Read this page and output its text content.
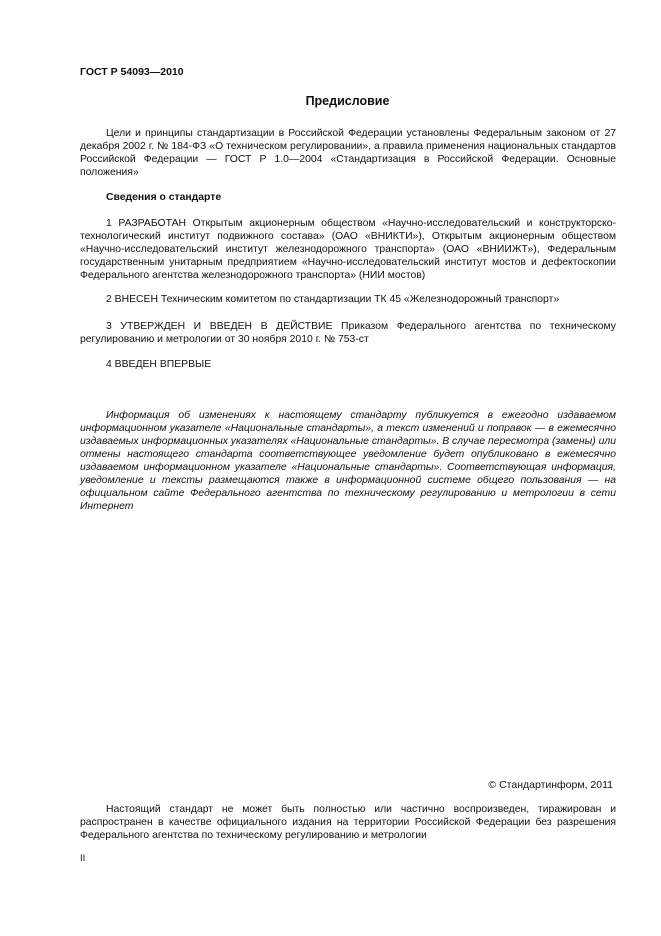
ГОСТ Р 54093—2010
Предисловие

Цели и принципы стандартизации в Российской Федерации установлены Федеральным законом от 27 декабря 2002 г. № 184-ФЗ «О техническом регулировании», а правила применения национальных стандартов Российской Федерации — ГОСТ Р 1.0—2004 «Стандартизация в Российской Федерации. Основные положения»

Сведения о стандарте

1 РАЗРАБОТАН Открытым акционерным обществом «Научно-исследовательский и конструкторско-технологический институт подвижного состава» (ОАО «ВНИКТИ»), Открытым акционерным обществом «Научно-исследовательский институт железнодорожного транспорта» (ОАО «ВНИИЖТ»), Федеральным государственным унитарным предприятием «Научно-исследовательский институт мостов и дефектоскопии Федерального агентства железнодорожного транспорта» (НИИ мостов)

2 ВНЕСЕН Техническим комитетом по стандартизации ТК 45 «Железнодорожный транспорт»

3 УТВЕРЖДЕН И ВВЕДЕН В ДЕЙСТВИЕ Приказом Федерального агентства по техническому регулированию и метрологии от 30 ноября 2010 г. № 753-ст

4 ВВЕДЕН ВПЕРВЫЕ

Информация об изменениях к настоящему стандарту публикуется в ежегодно издаваемом информационном указателе «Национальные стандарты», а текст изменений и поправок — в ежемесячно издаваемых информационных указателях «Национальные стандарты». В случае пересмотра (замены) или отмены настоящего стандарта соответствующее уведомление будет опубликовано в ежемесячно издаваемом информационном указателе «Национальные стандарты». Соответствующая информация, уведомление и тексты размещаются также в информационной системе общего пользования — на официальном сайте Федерального агентства по техническому регулированию и метрологии в сети Интернет

© Стандартинформ, 2011

Настоящий стандарт не может быть полностью или частично воспроизведен, тиражирован и распространен в качестве официального издания на территории Российской Федерации без разрешения Федерального агентства по техническому регулированию и метрологии

II
